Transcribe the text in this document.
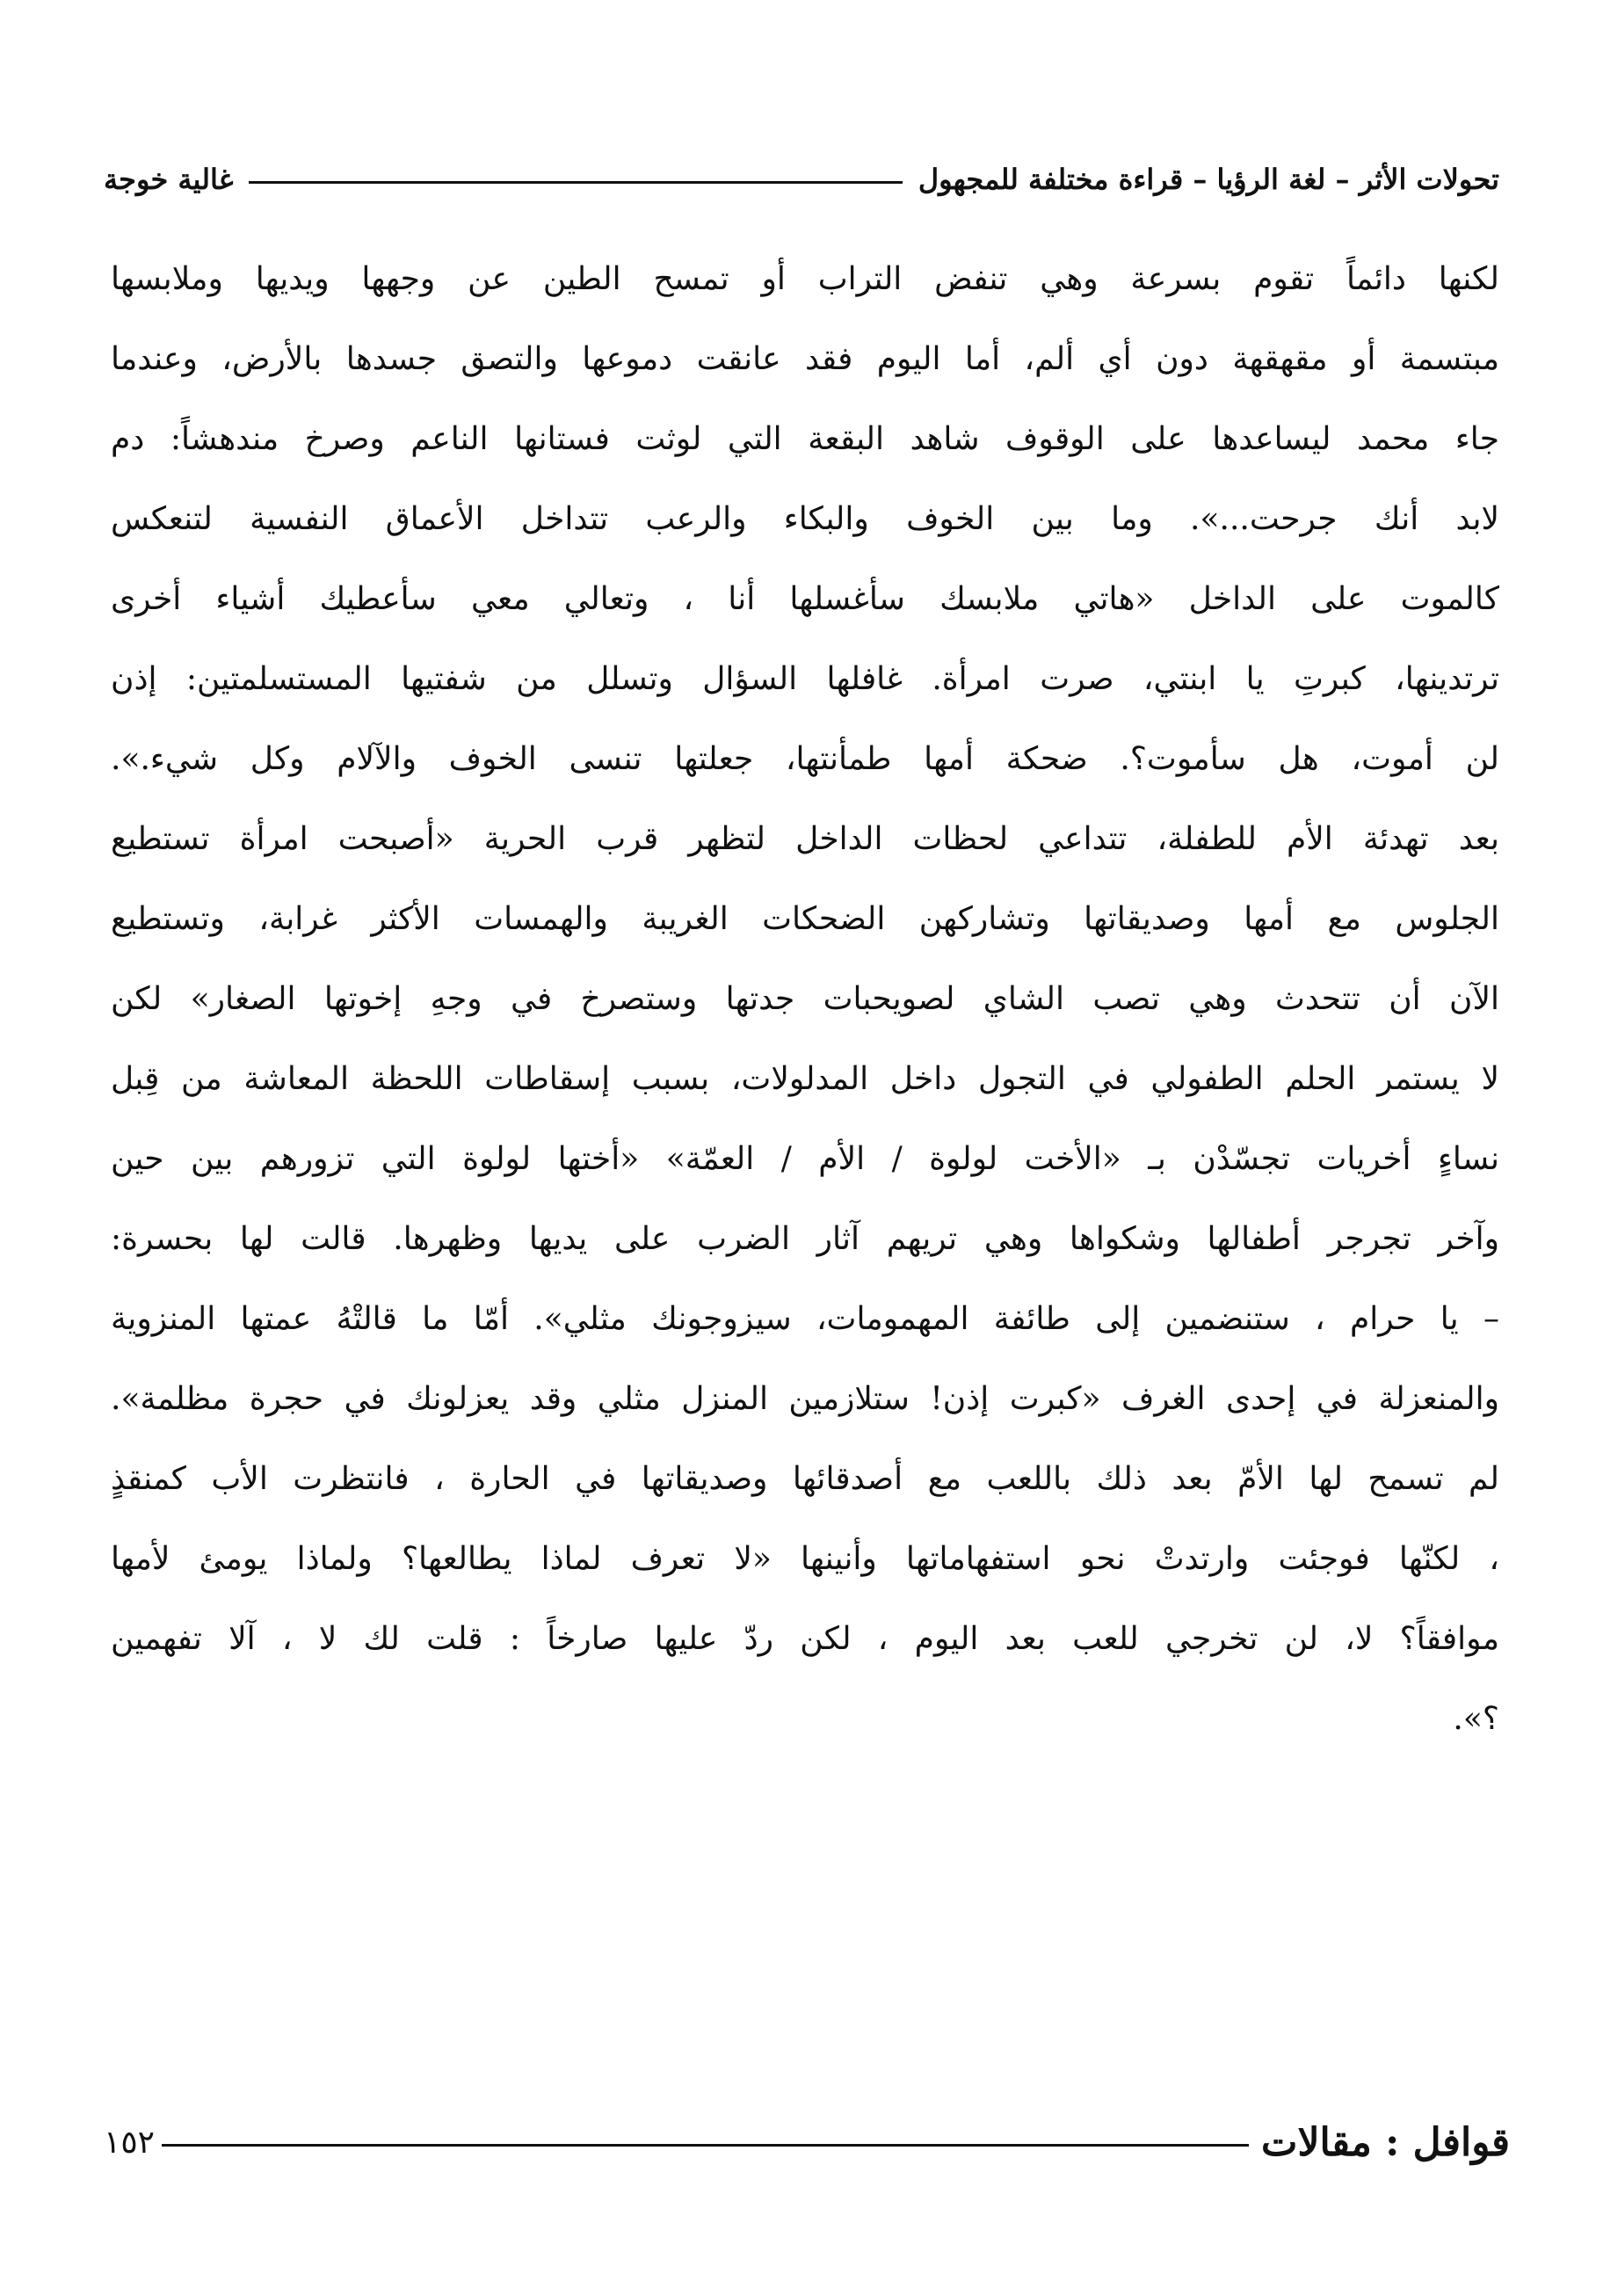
تحولات الأثر – لغة الرؤيا – قراءة مختلفة للمجهول
غالية خوجة
لكنها دائماً تقوم بسرعة وهي تنفض التراب أو تمسح الطين عن وجهها ويديها وملابسها
مبتسمة أو مقهقهة دون أي ألم، أما اليوم فقد عانقت دموعها والتصق جسدها بالأرض، وعندما
جاء محمد ليساعدها على الوقوف شاهد البقعة التي لوثت فستانها الناعم وصرخ مندهشاً: دم
لابد أنك جرحت...». وما بين الخوف والبكاء والرعب تتداخل الأعماق النفسية لتنعكس
كالموت على الداخل «هاتي ملابسك سأغسلها أنا ، وتعالي معي سأعطيك أشياء أخرى
ترتدينها، كبرتِ يا ابنتي، صرت امرأة. غافلها السؤال وتسلل من شفتيها المستسلمتين: إذن
لن أموت، هل سأموت؟. ضحكة أمها طمأنتها، جعلتها تنسى الخوف والآلام وكل شيء.».
بعد تهدئة الأم للطفلة، تتداعي لحظات الداخل لتظهر قرب الحرية «أصبحت امرأة تستطيع
الجلوس مع أمها وصديقاتها وتشاركهن الضحكات الغريبة والهمسات الأكثر غرابة، وتستطيع
الآن أن تتحدث وهي تصب الشاي لصويحبات جدتها وستصرخ في وجهِ إخوتها الصغار» لكن
لا يستمر الحلم الطفولي في التجول داخل المدلولات، بسبب إسقاطات اللحظة المعاشة من قِبل
نساءٍ أخريات تجسّدْن بـ «الأخت لولوة / الأم / العمّة» «أختها لولوة التي تزورهم بين حين
وآخر تجرجر أطفالها وشكواها وهي تريهم آثار الضرب على يديها وظهرها. قالت لها بحسرة:
– يا حرام ، ستنضمين إلى طائفة المهمومات، سيزوجونك مثلي». أمّا ما قالتْهُ عمتها المنزوية
والمنعزلة في إحدى الغرف «كبرت إذن! ستلازمين المنزل مثلي وقد يعزلونك في حجرة مظلمة».
لم تسمح لها الأمّ بعد ذلك باللعب مع أصدقائها وصديقاتها في الحارة ، فانتظرت الأب كمنقذٍ
، لكنّها فوجئت وارتدتْ نحو استفهاماتها وأنينها «لا تعرف لماذا يطالعها؟ ولماذا يومئ لأمها
موافقاً؟ لا، لن تخرجي للعب بعد اليوم ، لكن ردّ عليها صارخاً : قلت لك لا ، آلا تفهمين
؟».
قوافل : مقالات
١٥٢
